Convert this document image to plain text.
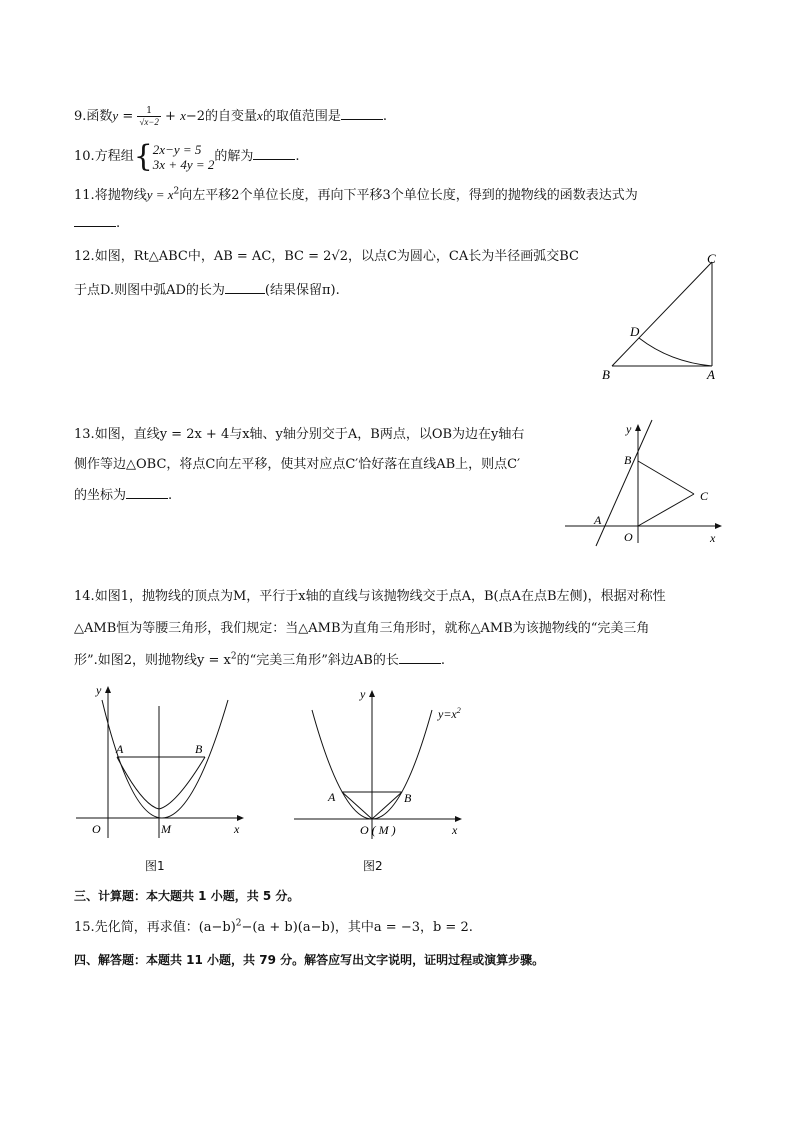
9.函数$y = \frac{1}{√x-2} + x-2$的自变量x的取值范围是	.
10.方程组{ 2x−y = 5
3x + 4y = 2 的解为	.
11.将抛物线$y = x^2$向左平移2个单位长度，再向下平移3个单位长度，得到的抛物线的函数表达式为
.
12.如图，Rt△ABC中，AB = AC，BC = 2√2，以点C为圆心，CA长为半径画弧交BC
于点D.则图中弧AD的长为	(结果保留π).
C
D
B	A
13.如图，直线y = 2x + 4与x轴、y轴分别交于A，B两点，以OB为边在y轴右
侧作等边△OBC，将点C向左平移，使其对应点C′恰好落在直线AB上，则点C′
的坐标为	.
y
x
B
C
A
O
14.如图1，抛物线的顶点为M，平行于x轴的直线与该抛物线交于点A，B(点A在点B左侧)，根据对称性
△AMB恒为等腰三角形，我们规定：当△AMB为直角三角形时，就称△AMB为该抛物线的“完美三角
形”.如图2，则抛物线$y = x^2$的“完美三角形”斜边AB的长	.
y
x
A	B
O	M
图1
y
x
A	B
O ( M )
$y=x^2$
图2
三、计算题：本大题共 1 小题，共 5 分。
15.先化简，再求值：$(a-b)^2-(a + b)(a-b)$，其中a = −3，b = 2.
四、解答题：本题共 11 小题，共 79 分。解答应写出文字说明，证明过程或演算步骤。
